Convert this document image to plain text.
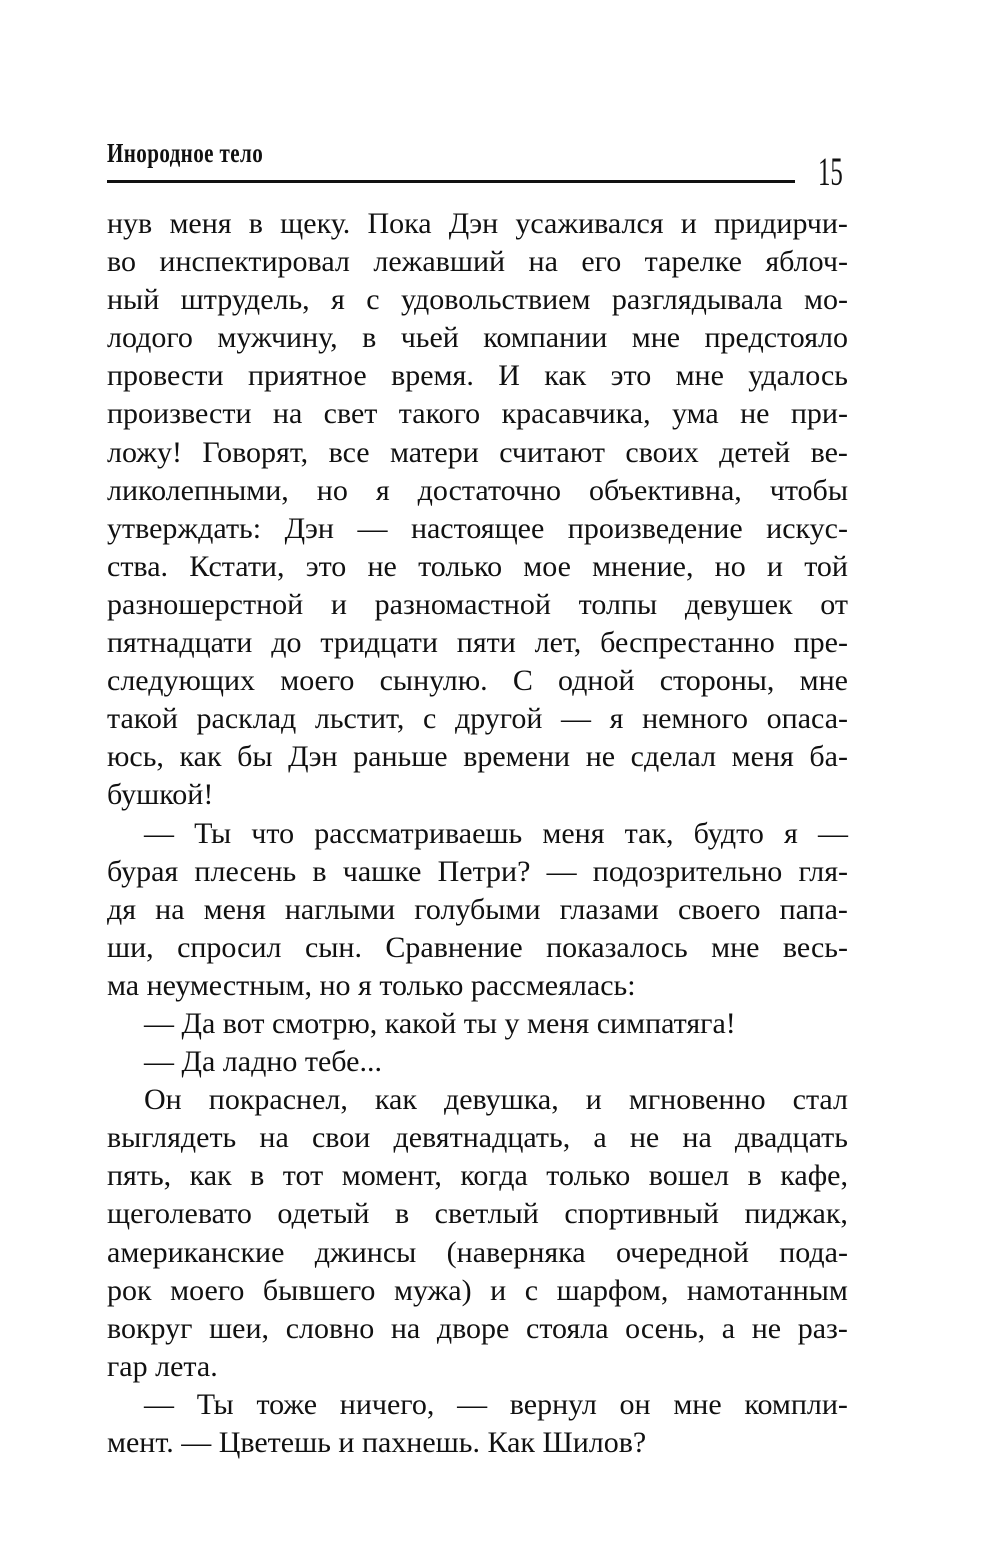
Инородное тело	15
нув меня в щеку. Пока Дэн усаживался и придирчи-
во инспектировал лежавший на его тарелке яблоч-
ный штрудель, я с удовольствием разглядывала мо-
лодого мужчину, в чьей компании мне предстояло
провести приятное время. И как это мне удалось
произвести на свет такого красавчика, ума не при-
ложу! Говорят, все матери считают своих детей ве-
ликолепными, но я достаточно объективна, чтобы
утверждать: Дэн — настоящее произведение искус-
ства. Кстати, это не только мое мнение, но и той
разношерстной и разномастной толпы девушек от
пятнадцати до тридцати пяти лет, беспрестанно пре-
следующих моего сынулю. С одной стороны, мне
такой расклад льстит, с другой — я немного опаса-
юсь, как бы Дэн раньше времени не сделал меня ба-
бушкой!
— Ты что рассматриваешь меня так, будто я —
бурая плесень в чашке Петри? — подозрительно гля-
дя на меня наглыми голубыми глазами своего папа-
ши, спросил сын. Сравнение показалось мне весь-
ма неуместным, но я только рассмеялась:
— Да вот смотрю, какой ты у меня симпатяга!
— Да ладно тебе...
Он покраснел, как девушка, и мгновенно стал
выглядеть на свои девятнадцать, а не на двадцать
пять, как в тот момент, когда только вошел в кафе,
щеголевато одетый в светлый спортивный пиджак,
американские джинсы (наверняка очередной пода-
рок моего бывшего мужа) и с шарфом, намотанным
вокруг шеи, словно на дворе стояла осень, а не раз-
гар лета.
— Ты тоже ничего, — вернул он мне компли-
мент. — Цветешь и пахнешь. Как Шилов?
